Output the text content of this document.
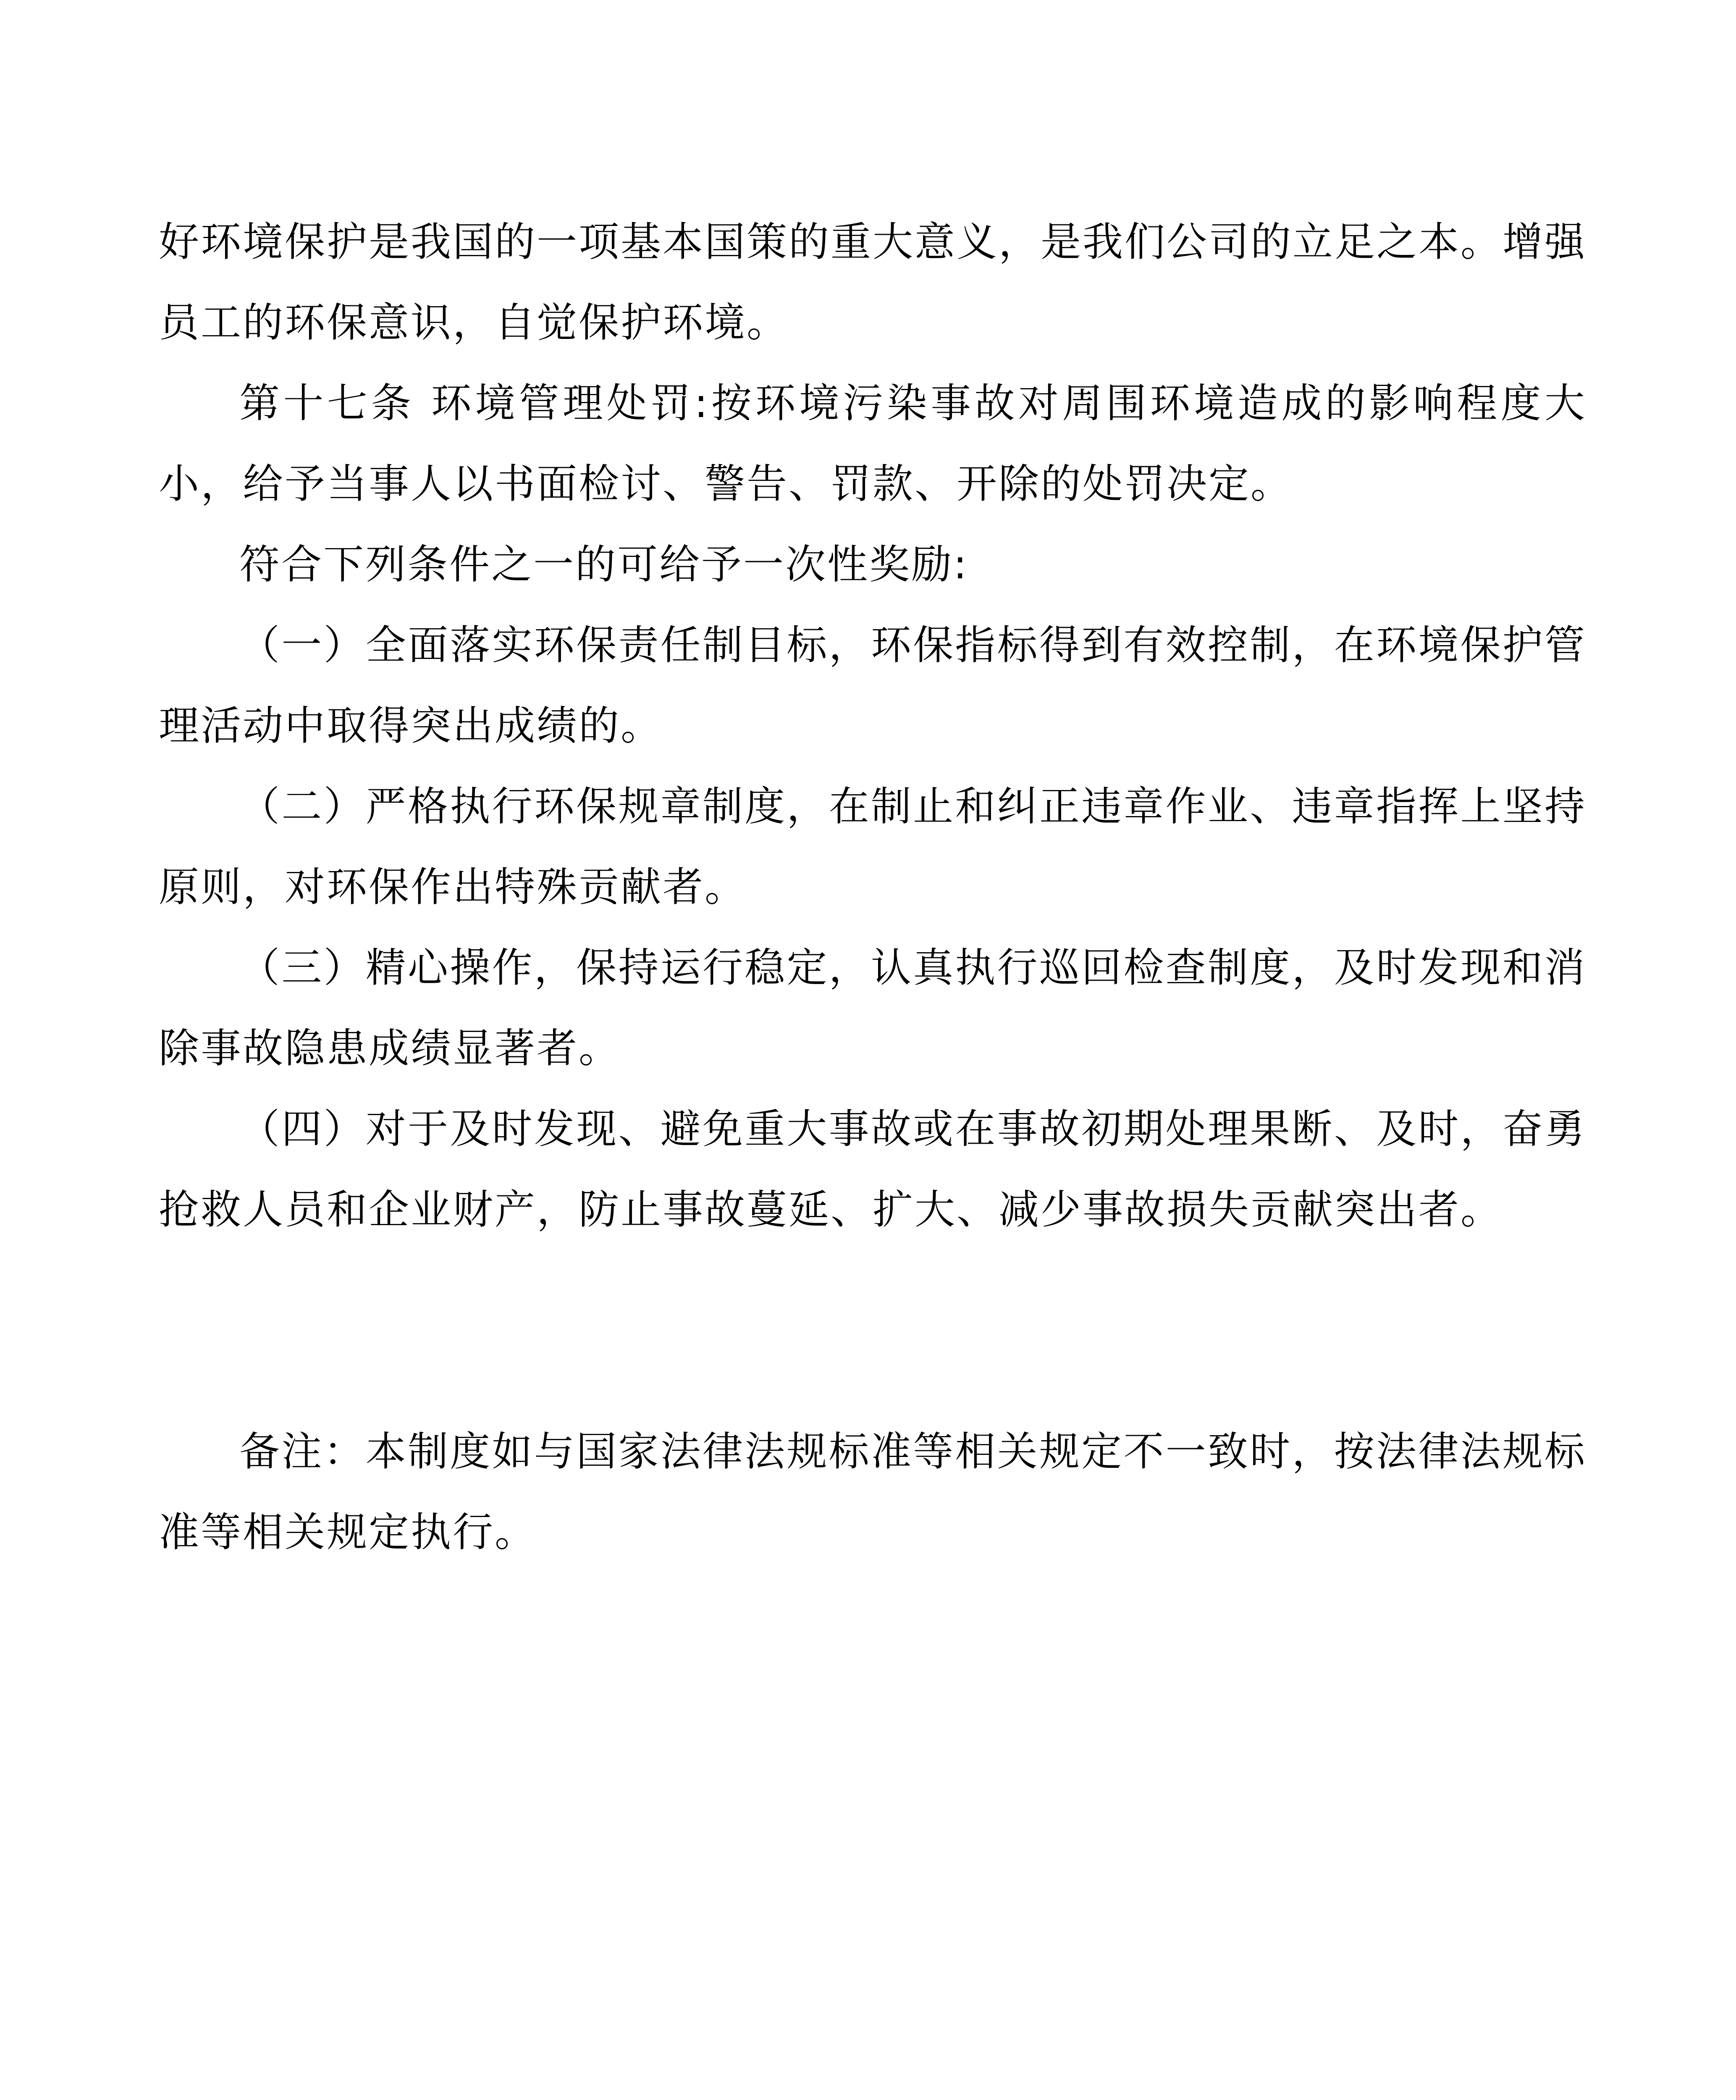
好环境保护是我国的一项基本国策的重大意义，是我们公司的立足之本。增强员工的环保意识，自觉保护环境。

第十七条 环境管理处罚:按环境污染事故对周围环境造成的影响程度大小，给予当事人以书面检讨、警告、罚款、开除的处罚决定。

符合下列条件之一的可给予一次性奖励:

（一）全面落实环保责任制目标，环保指标得到有效控制，在环境保护管理活动中取得突出成绩的。

（二）严格执行环保规章制度，在制止和纠正违章作业、违章指挥上坚持原则，对环保作出特殊贡献者。

（三）精心操作，保持运行稳定，认真执行巡回检查制度，及时发现和消除事故隐患成绩显著者。

（四）对于及时发现、避免重大事故或在事故初期处理果断、及时，奋勇抢救人员和企业财产，防止事故蔓延、扩大、减少事故损失贡献突出者。

备注：本制度如与国家法律法规标准等相关规定不一致时，按法律法规标准等相关规定执行。
